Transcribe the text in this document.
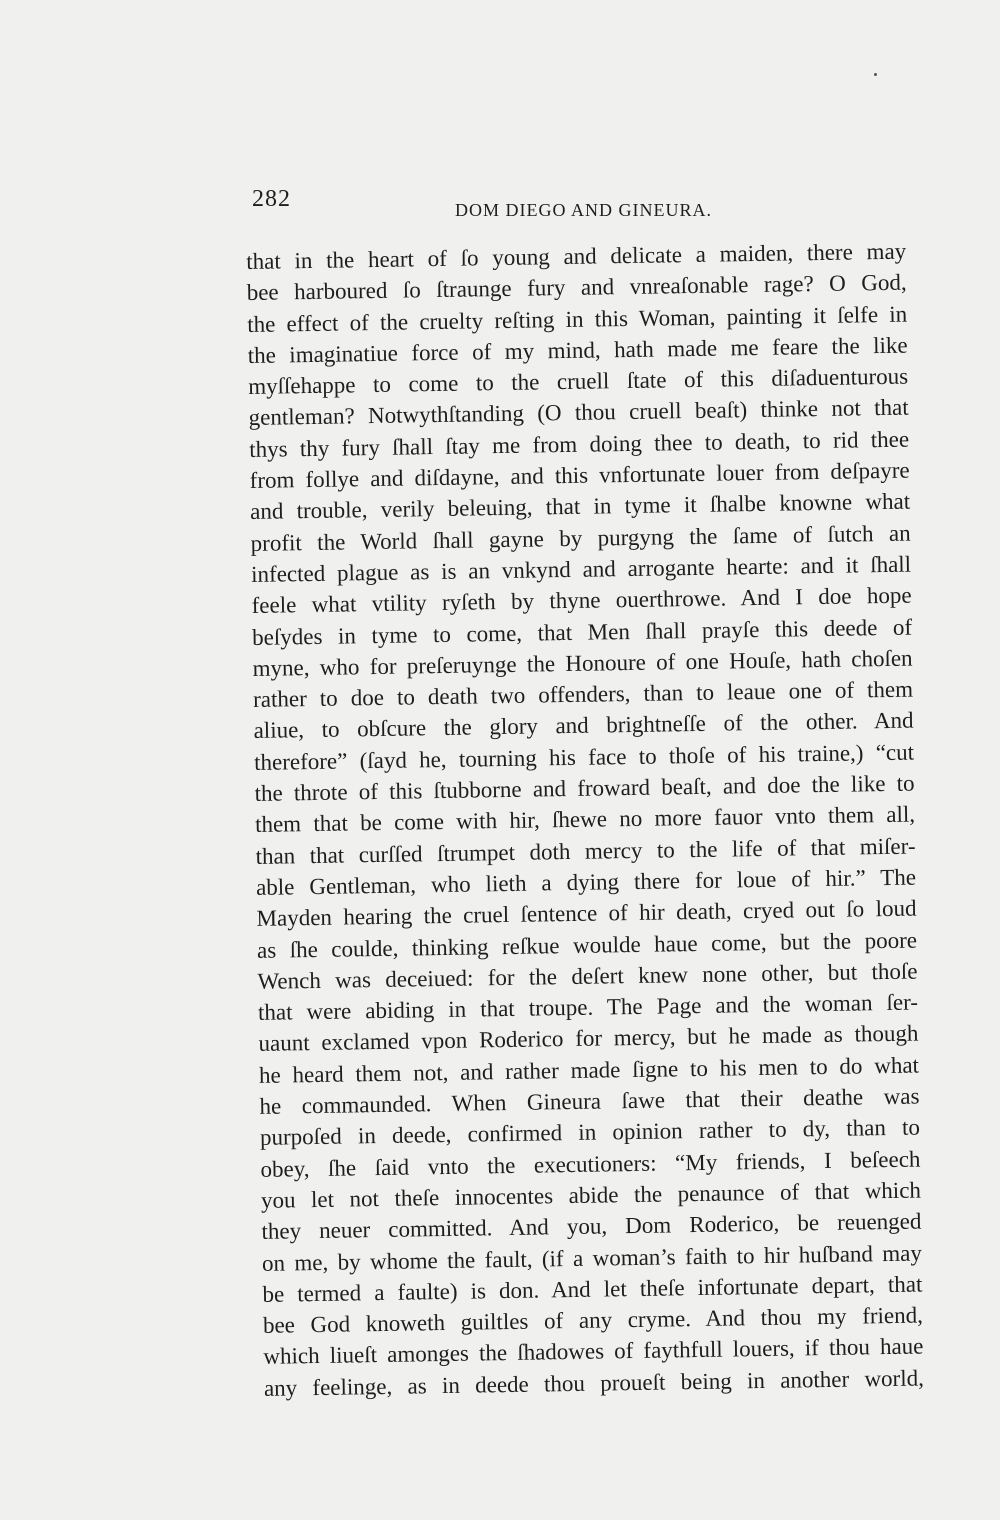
282	DOM DIEGO AND GINEURA.
that in the heart of ſo young and delicate a maiden, there may
bee harboured ſo ſtraunge fury and vnreaſonable rage? O God,
the effect of the cruelty reſting in this Woman, painting it ſelfe in
the imaginatiue force of my mind, hath made me feare the like
myſſehappe to come to the cruell ſtate of this diſaduenturous
gentleman? Notwythſtanding (O thou cruell beaſt) thinke not that
thys thy fury ſhall ſtay me from doing thee to death, to rid thee
from follye and diſdayne, and this vnfortunate louer from deſpayre
and trouble, verily beleuing, that in tyme it ſhalbe knowne what
profit the World ſhall gayne by purgyng the ſame of ſutch an
infected plague as is an vnkynd and arrogante hearte: and it ſhall
feele what vtility ryſeth by thyne ouerthrowe. And I doe hope
beſydes in tyme to come, that Men ſhall prayſe this deede of
myne, who for preſeruynge the Honoure of one Houſe, hath choſen
rather to doe to death two offenders, than to leaue one of them
aliue, to obſcure the glory and brightneſſe of the other. And
therefore” (ſayd he, tourning his face to thoſe of his traine,) “cut
the throte of this ſtubborne and froward beaſt, and doe the like to
them that be come with hir, ſhewe no more fauor vnto them all,
than that curſſed ſtrumpet doth mercy to the life of that miſer-
able Gentleman, who lieth a dying there for loue of hir.” The
Mayden hearing the cruel ſentence of hir death, cryed out ſo loud
as ſhe coulde, thinking reſkue woulde haue come, but the poore
Wench was deceiued: for the deſert knew none other, but thoſe
that were abiding in that troupe. The Page and the woman ſer-
uaunt exclamed vpon Roderico for mercy, but he made as though
he heard them not, and rather made ſigne to his men to do what
he commaunded. When Gineura ſawe that their deathe was
purpoſed in deede, confirmed in opinion rather to dy, than to
obey, ſhe ſaid vnto the executioners: “My friends, I beſeech
you let not theſe innocentes abide the penaunce of that which
they neuer committed. And you, Dom Roderico, be reuenged
on me, by whome the fault, (if a woman’s faith to hir huſband may
be termed a faulte) is don. And let theſe infortunate depart, that
bee God knoweth guiltles of any cryme. And thou my friend,
which liueſt amonges the ſhadowes of faythfull louers, if thou haue
any feelinge, as in deede thou proueſt being in another world,
